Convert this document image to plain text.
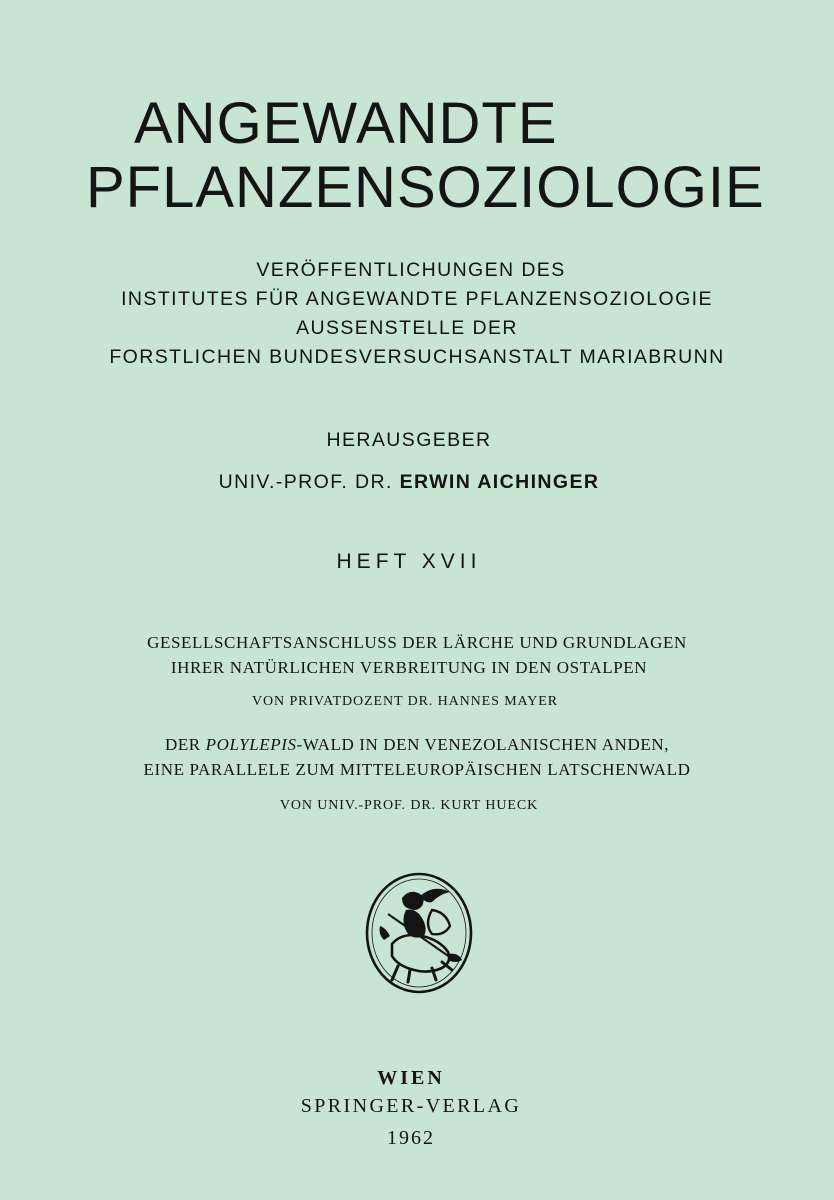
ANGEWANDTE
PFLANZENSOZIOLOGIE
VERÖFFENTLICHUNGEN DES
INSTITUTES FÜR ANGEWANDTE PFLANZENSOZIOLOGIE
AUSSENSTELLE DER
FORSTLICHEN BUNDESVERSUCHSANSTALT MARIABRUNN
HERAUSGEBER
UNIV.-PROF. DR. ERWIN AICHINGER
HEFT XVII
GESELLSCHAFTSANSCHLUSS DER LÄRCHE UND GRUNDLAGEN
IHRER NATÜRLICHEN VERBREITUNG IN DEN OSTALPEN
VON PRIVATDOZENT DR. HANNES MAYER
DER POLYLEPIS-WALD IN DEN VENEZOLANISCHEN ANDEN,
EINE PARALLELE ZUM MITTELEUROPÄISCHEN LATSCHENWALD
VON UNIV.-PROF. DR. KURT HUECK
WIEN
SPRINGER-VERLAG
1962
